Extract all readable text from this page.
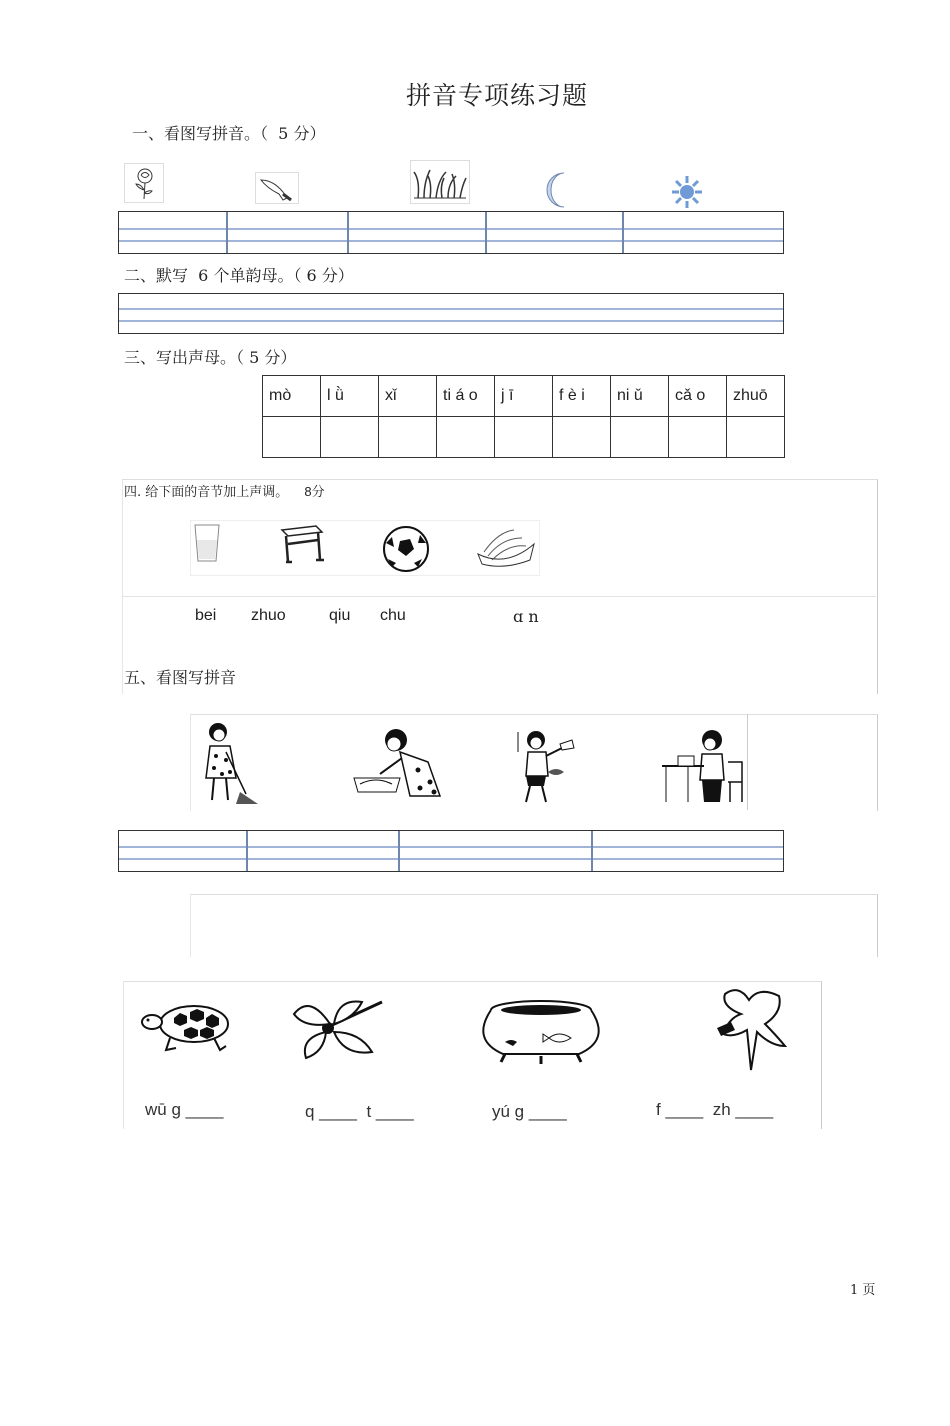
拼音专项练习题
一、看图写拼音。（  5 分）
二、默写  6 个单韵母。（ 6 分）
三、写出声母。（ 5 分）
mò	l ǜ	xǐ	ti á o	j ī	f è i	ni ǔ	cǎ o	zhuō

四. 给下面的音节加上声调。 8分
bei zhuo	qiu chu	ɑ n
五、看图写拼音
wū g ____	q ____  t ____	yú g ____	f ____  zh ____
1 页
